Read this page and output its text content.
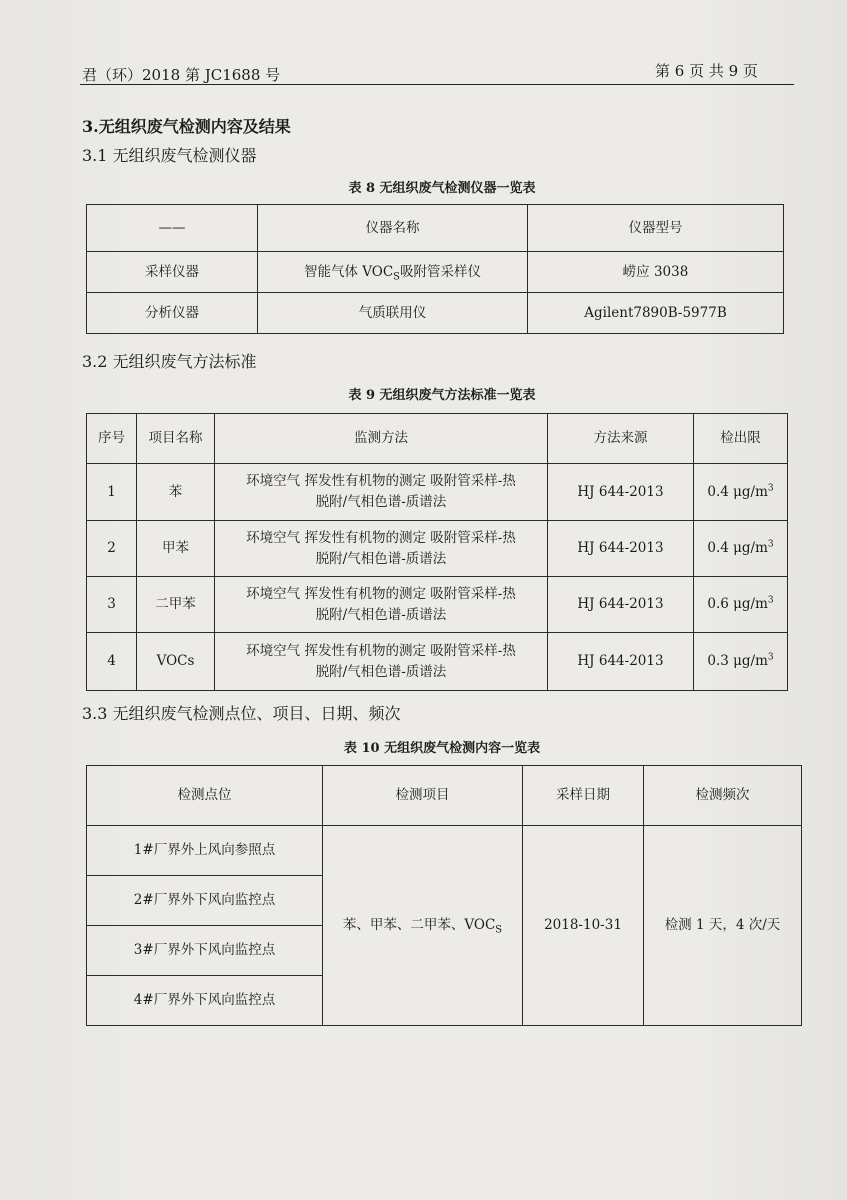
君（环）2018 第 JC1688 号	第 6 页 共 9 页
3.无组织废气检测内容及结果
3.1 无组织废气检测仪器
表 8 无组织废气检测仪器一览表
——	仪器名称	仪器型号
采样仪器	智能气体 $VOC_S$吸附管采样仪	崂应 3038
分析仪器	气质联用仪	Agilent7890B-5977B
3.2 无组织废气方法标准
表 9 无组织废气方法标准一览表
序号	项目名称	监测方法	方法来源	检出限
1	苯	环境空气 挥发性有机物的测定 吸附管采样-热
脱附/气相色谱-质谱法	HJ 644-2013	0.4 $\mu g/m^3$
2	甲苯	环境空气 挥发性有机物的测定 吸附管采样-热
脱附/气相色谱-质谱法	HJ 644-2013	0.4 $\mu g/m^3$
3	二甲苯	环境空气 挥发性有机物的测定 吸附管采样-热
脱附/气相色谱-质谱法	HJ 644-2013	0.6 $\mu g/m^3$
4	VOCs	环境空气 挥发性有机物的测定 吸附管采样-热
脱附/气相色谱-质谱法	HJ 644-2013	0.3 $\mu g/m^3$
3.3 无组织废气检测点位、项目、日期、频次
表 10 无组织废气检测内容一览表
检测点位	检测项目	采样日期	检测频次
1#厂界外上风向参照点	苯、甲苯、二甲苯、$VOC_S$	2018-10-31	检测 1 天，4 次/天
2#厂界外下风向监控点			
3#厂界外下风向监控点			
4#厂界外下风向监控点			
